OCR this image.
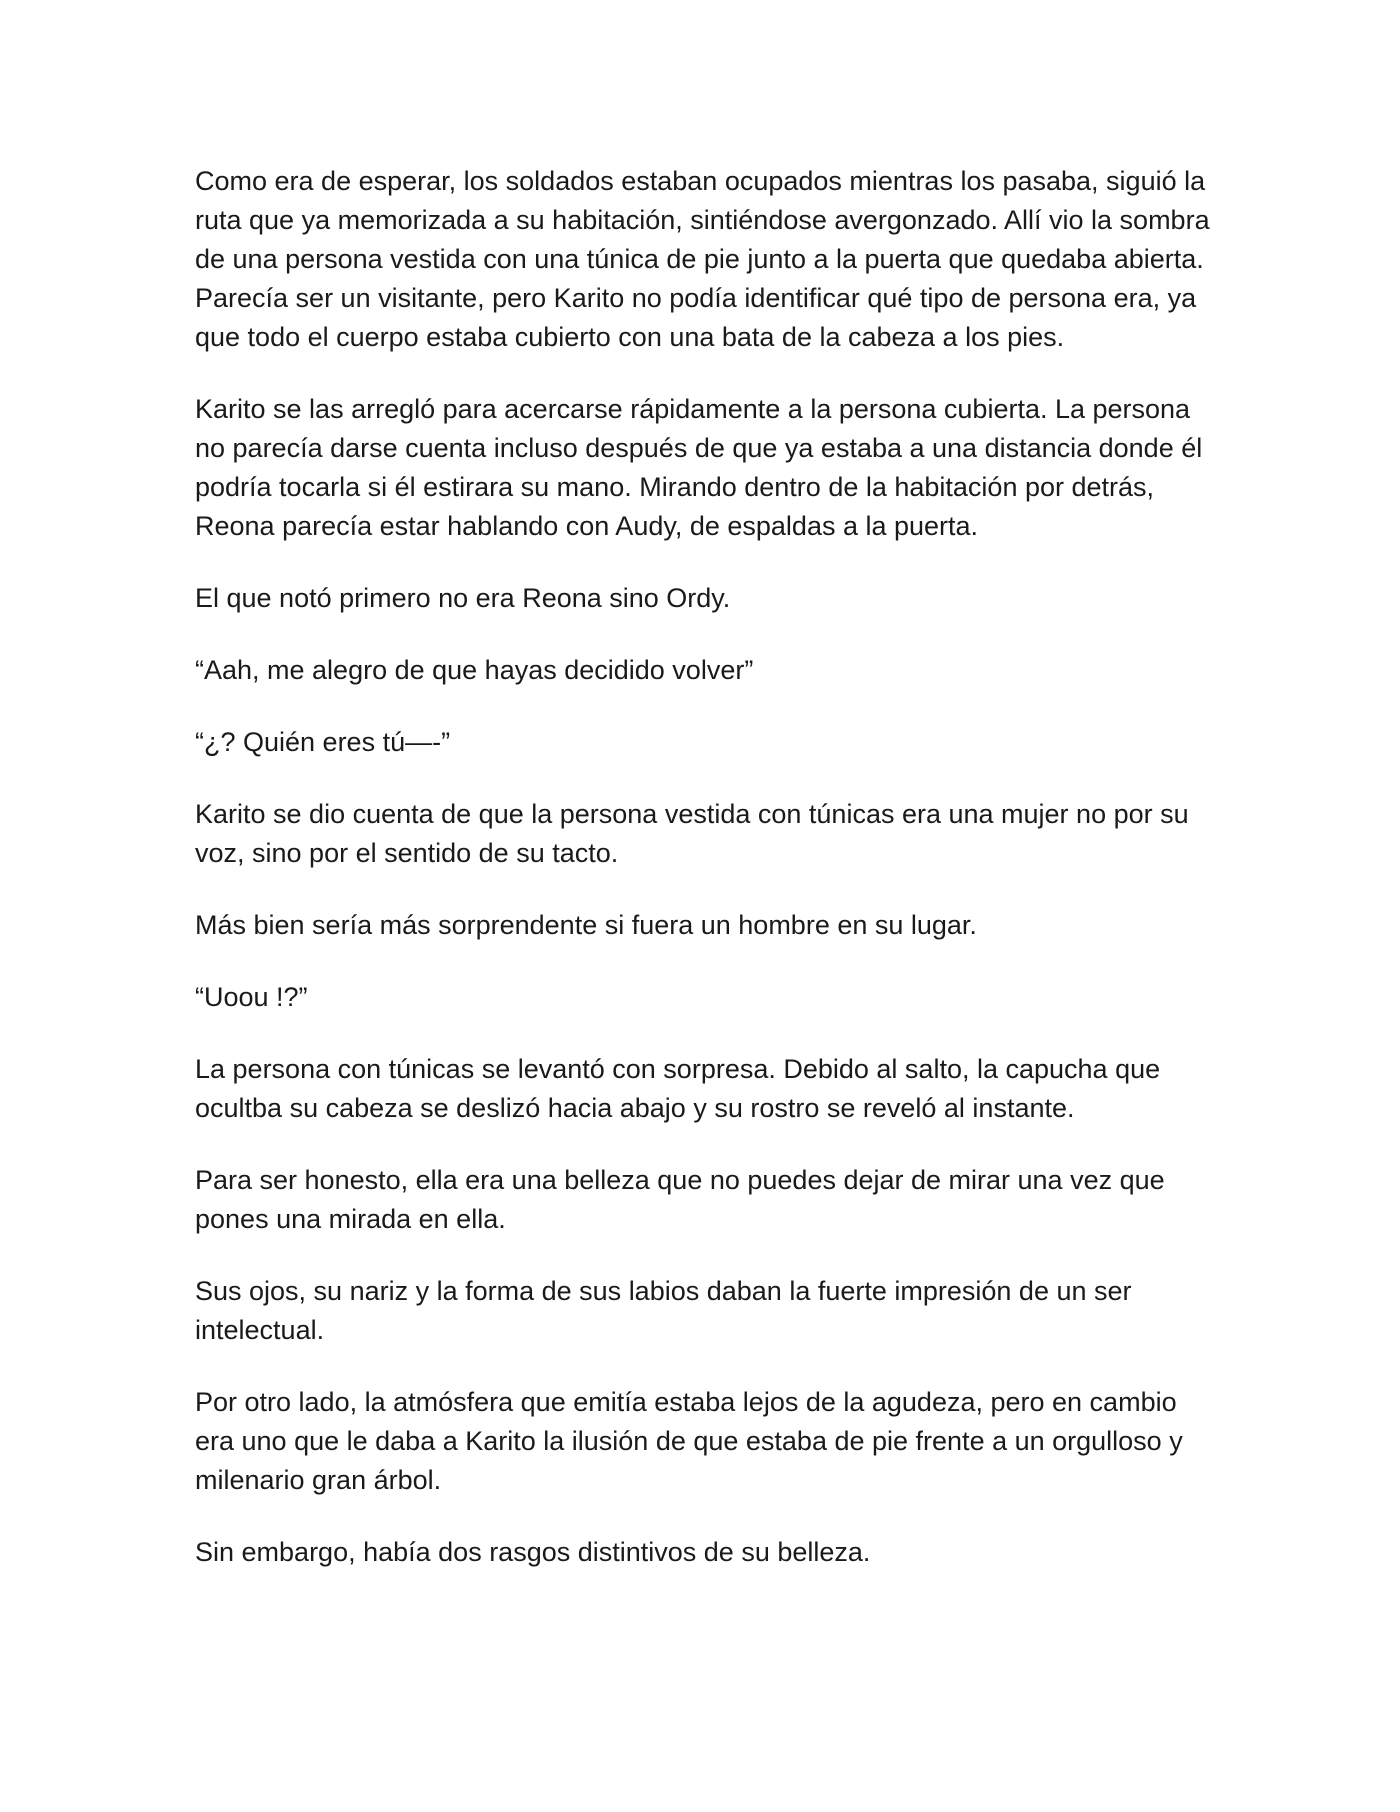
Como era de esperar, los soldados estaban ocupados mientras los pasaba, siguió la ruta que ya memorizada a su habitación, sintiéndose avergonzado. Allí vio la sombra de una persona vestida con una túnica de pie junto a la puerta que quedaba abierta. Parecía ser un visitante, pero Karito no podía identificar qué tipo de persona era, ya que todo el cuerpo estaba cubierto con una bata de la cabeza a los pies.

Karito se las arregló para acercarse rápidamente a la persona cubierta. La persona no parecía darse cuenta incluso después de que ya estaba a una distancia donde él podría tocarla si él estirara su mano. Mirando dentro de la habitación por detrás, Reona parecía estar hablando con Audy, de espaldas a la puerta.

El que notó primero no era Reona sino Ordy.

“Aah, me alegro de que hayas decidido volver”

“¿? Quién eres tú—-”

Karito se dio cuenta de que la persona vestida con túnicas era una mujer no por su voz, sino por el sentido de su tacto.

Más bien sería más sorprendente si fuera un hombre en su lugar.

“Uoou !?”

La persona con túnicas se levantó con sorpresa. Debido al salto, la capucha que ocultba su cabeza se deslizó hacia abajo y su rostro se reveló al instante.

Para ser honesto, ella era una belleza que no puedes dejar de mirar una vez que pones una mirada en ella.

Sus ojos, su nariz y la forma de sus labios daban la fuerte impresión de un ser intelectual.

Por otro lado, la atmósfera que emitía estaba lejos de la agudeza, pero en cambio era uno que le daba a Karito la ilusión de que estaba de pie frente a un orgulloso y milenario gran árbol.

Sin embargo, había dos rasgos distintivos de su belleza.
